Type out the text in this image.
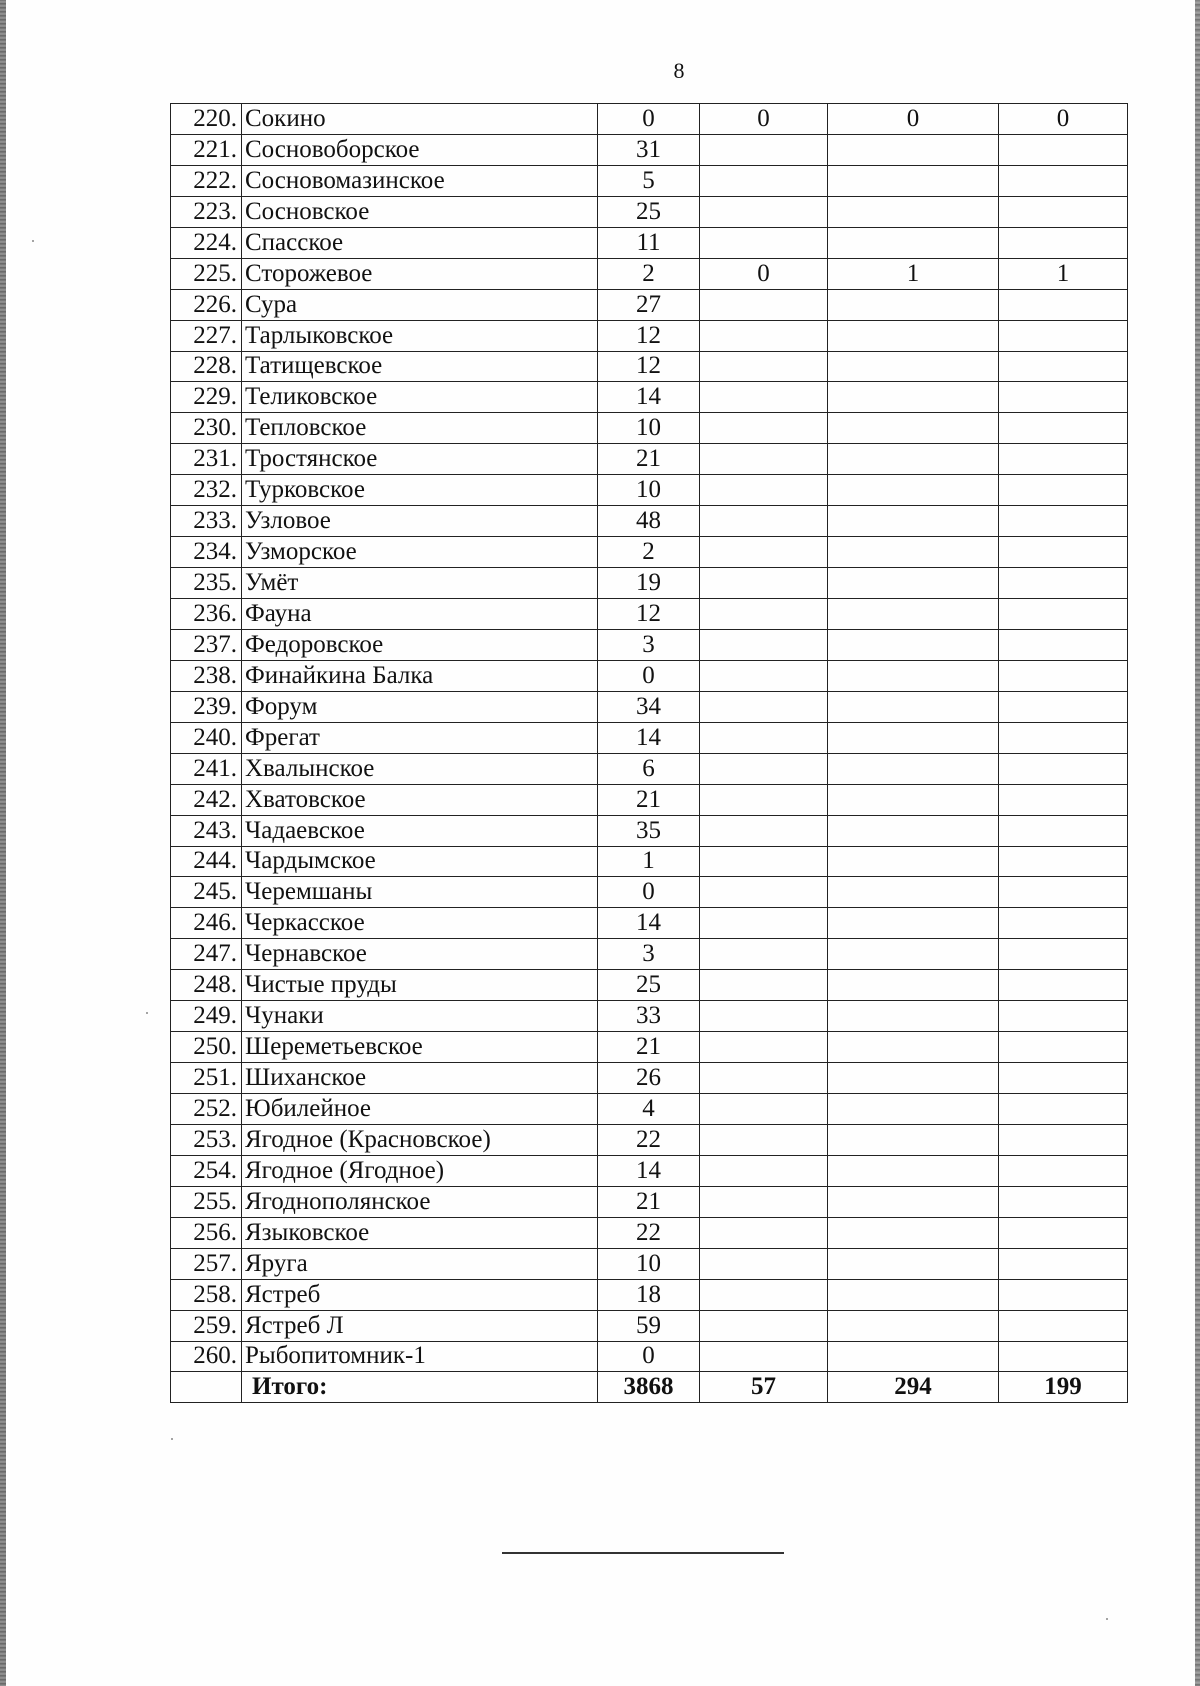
8
220.	Сокино	0	0	0	0
221.	Сосновоборское	31			
222.	Сосновомазинское	5			
223.	Сосновское	25			
224.	Спасское	11			
225.	Сторожевое	2	0	1	1
226.	Сура	27			
227.	Тарлыковское	12			
228.	Татищевское	12			
229.	Теликовское	14			
230.	Тепловское	10			
231.	Тростянское	21			
232.	Турковское	10			
233.	Узловое	48			
234.	Узморское	2			
235.	Умёт	19			
236.	Фауна	12			
237.	Федоровское	3			
238.	Финайкина Балка	0			
239.	Форум	34			
240.	Фрегат	14			
241.	Хвалынское	6			
242.	Хватовское	21			
243.	Чадаевское	35			
244.	Чардымское	1			
245.	Черемшаны	0			
246.	Черкасское	14			
247.	Чернавское	3			
248.	Чистые пруды	25			
249.	Чунаки	33			
250.	Шереметьевское	21			
251.	Шиханское	26			
252.	Юбилейное	4			
253.	Ягодное (Красновское)	22			
254.	Ягодное (Ягодное)	14			
255.	Ягоднополянское	21			
256.	Языковское	22			
257.	Яруга	10			
258.	Ястреб	18			
259.	Ястреб Л	59			
260.	Рыбопитомник-1	0			
	Итого:	3868	57	294	199
